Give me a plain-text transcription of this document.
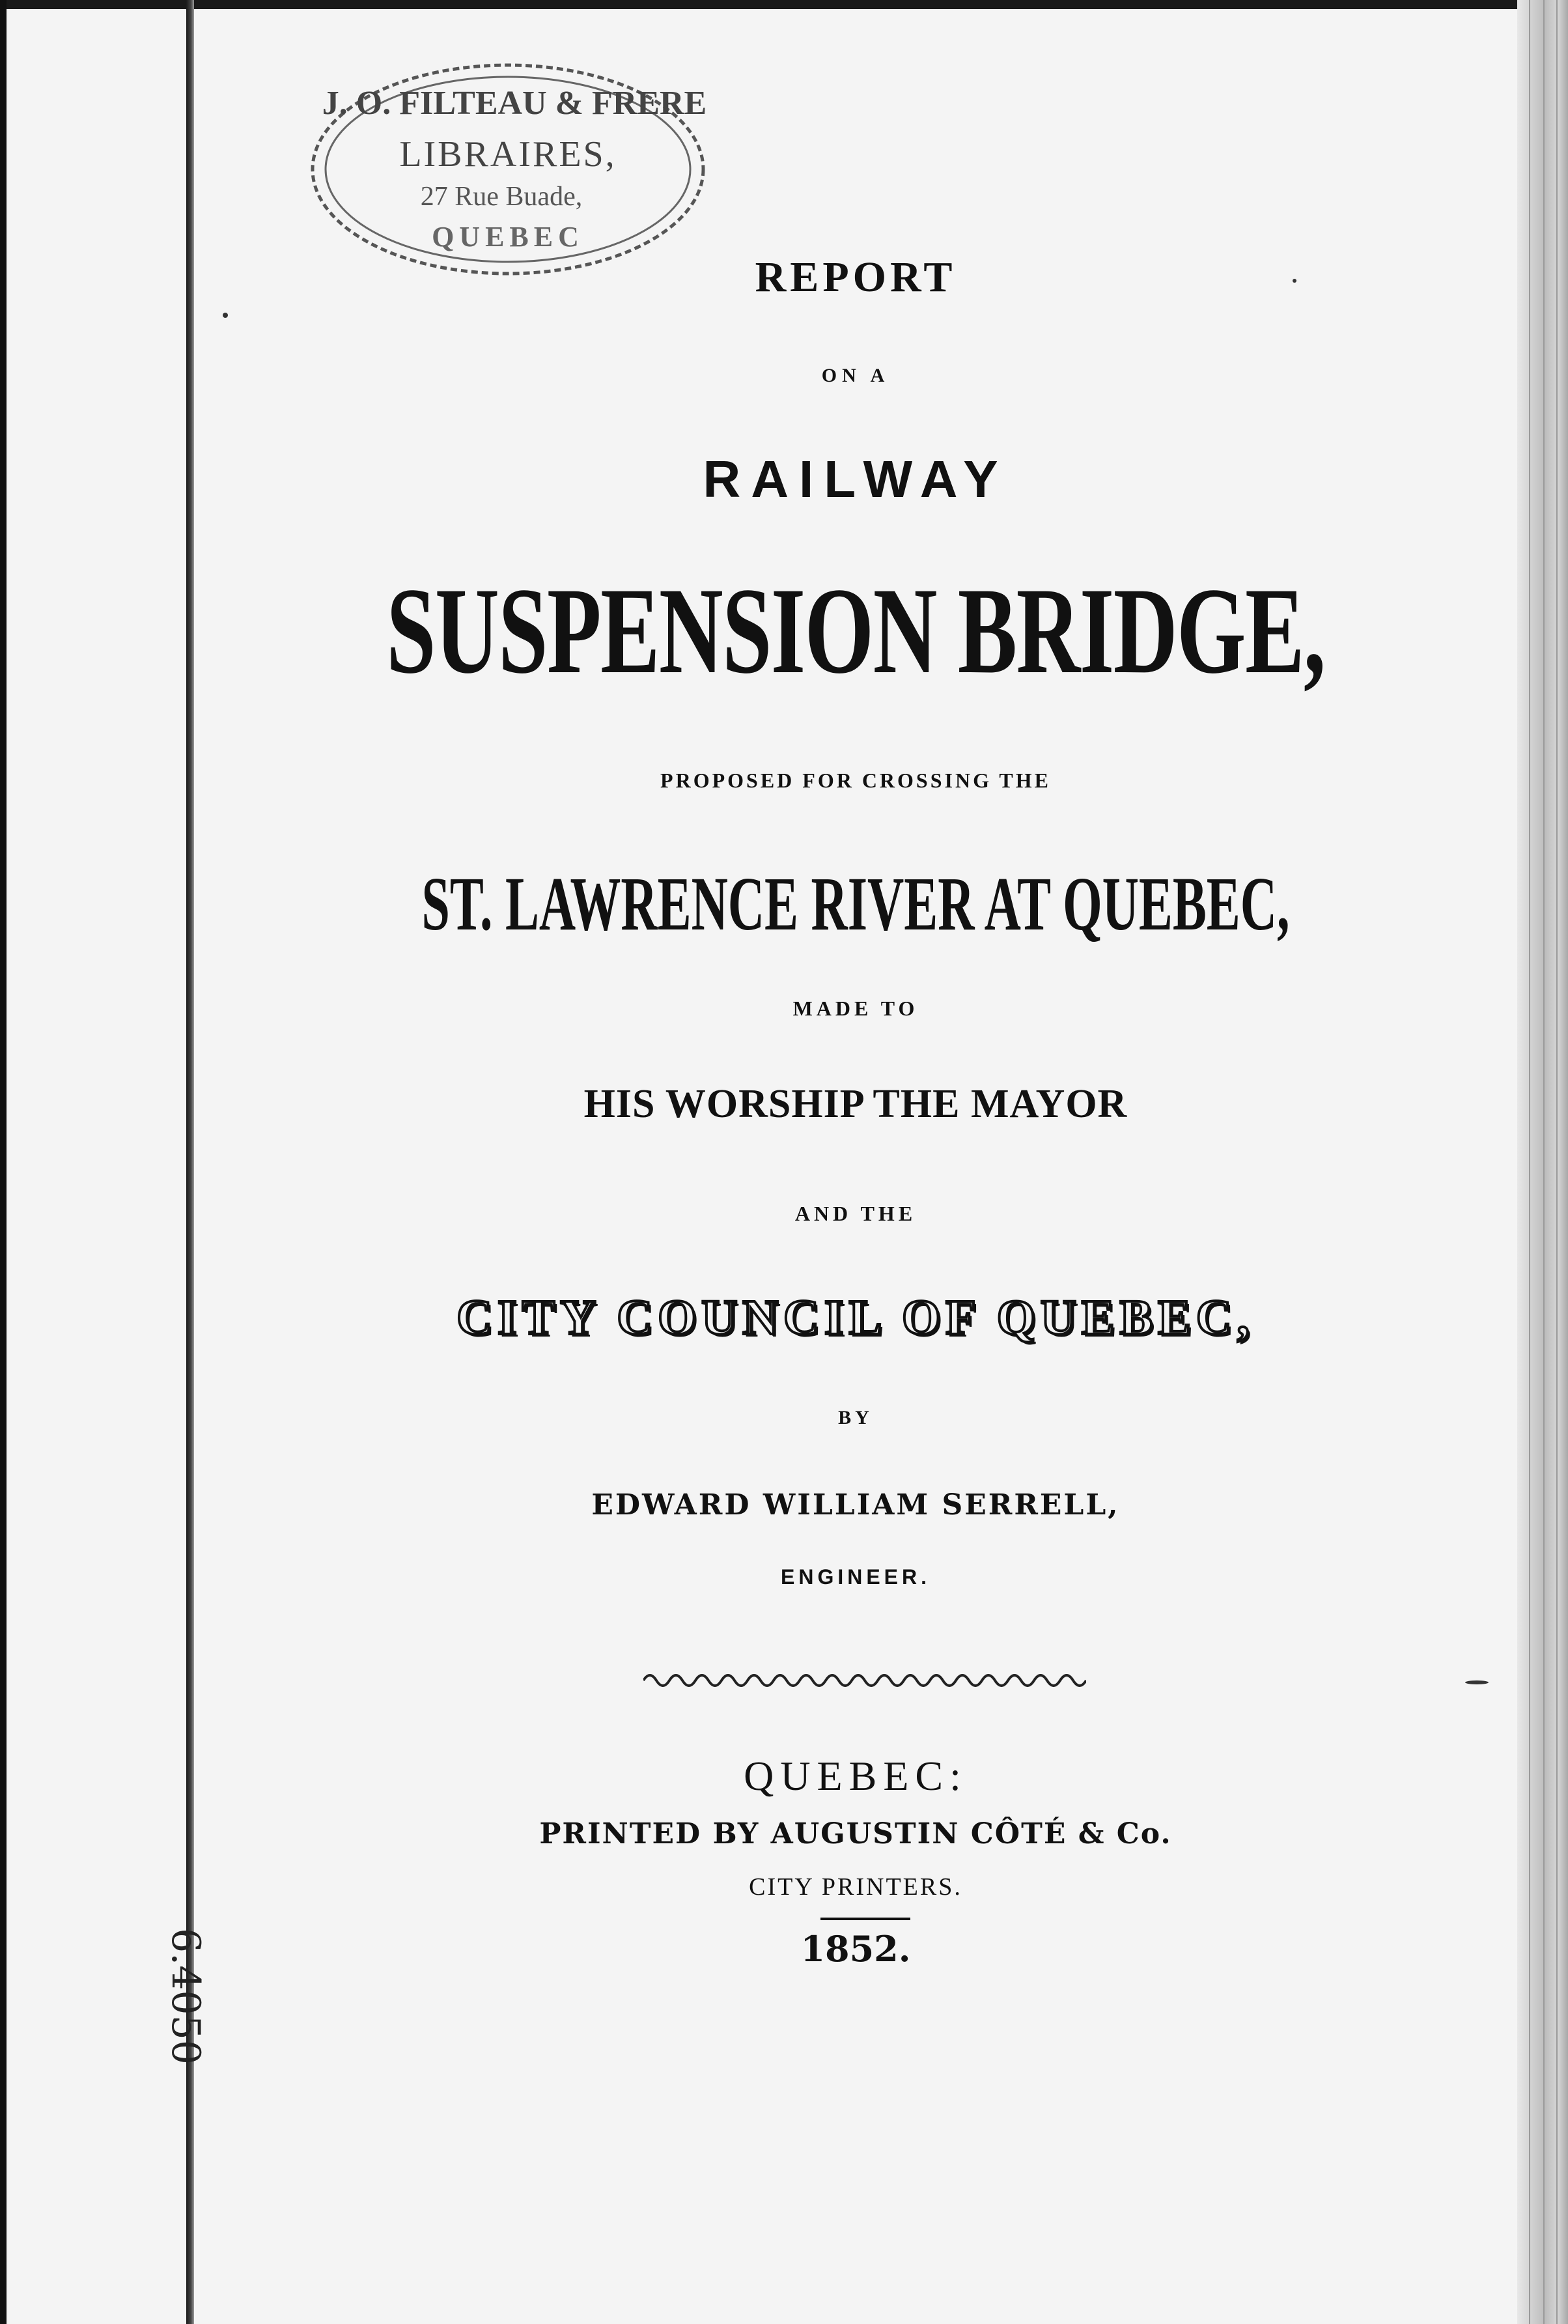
J. O. FILTEAU & FRERE
LIBRAIRES,
27 Rue Buade,
QUEBEC
REPORT
ON A
RAILWAY
SUSPENSION BRIDGE,
PROPOSED FOR CROSSING THE
ST. LAWRENCE RIVER AT QUEBEC,
MADE TO
HIS WORSHIP THE MAYOR
AND THE
CITY COUNCIL OF QUEBEC,
BY
EDWARD WILLIAM SERRELL,
ENGINEER.
QUEBEC:
PRINTED BY AUGUSTIN CÔTÉ & Co.
CITY PRINTERS.
1852.
6.4050
